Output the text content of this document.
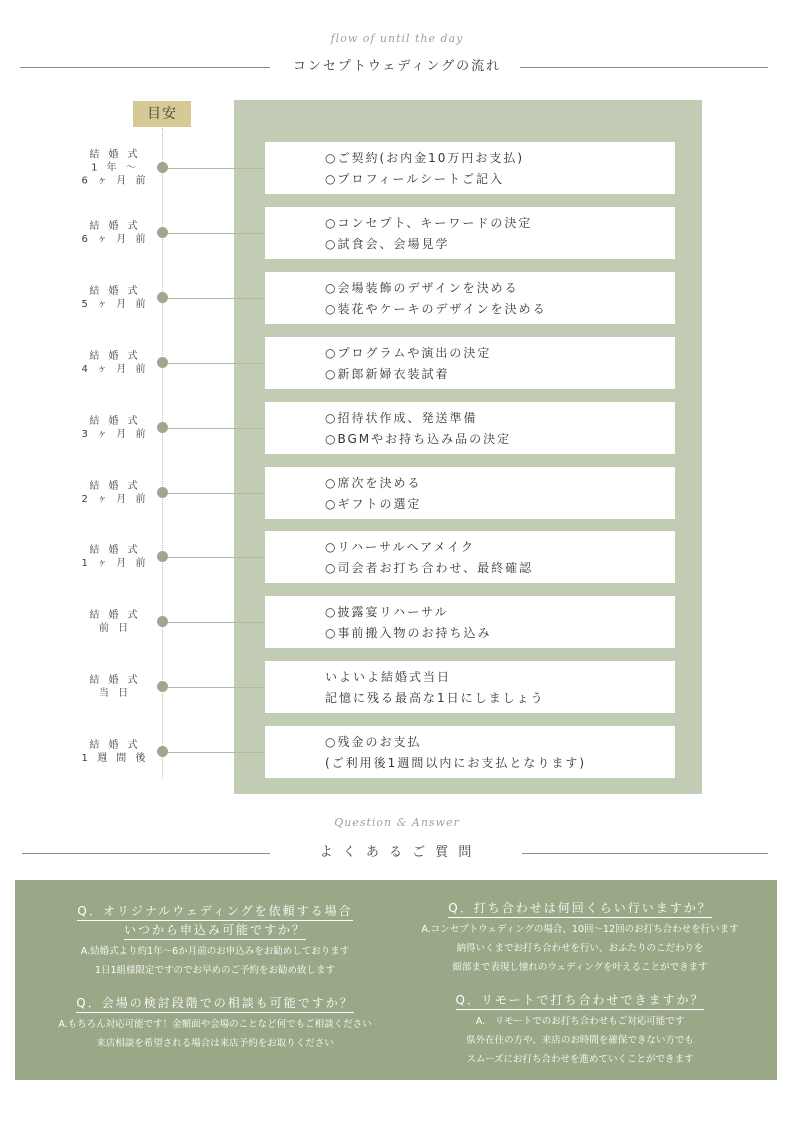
flow of until the day
コンセプトウェディングの流れ
目安
結 婚 式
1 年 ～
6 ヶ 月 前
○ご契約(お内金10万円お支払)
○プロフィールシートご記入
結 婚 式
6 ヶ 月 前
○コンセプト、キーワードの決定
○試食会、会場見学
結 婚 式
5 ヶ 月 前
○会場装飾のデザインを決める
○装花やケーキのデザインを決める
結 婚 式
4 ヶ 月 前
○プログラムや演出の決定
○新郎新婦衣装試着
結 婚 式
3 ヶ 月 前
○招待状作成、発送準備
○BGMやお持ち込み品の決定
結 婚 式
2 ヶ 月 前
○席次を決める
○ギフトの選定
結 婚 式
1 ヶ 月 前
○リハーサルヘアメイク
○司会者お打ち合わせ、最終確認
結 婚 式
前 日
○披露宴リハーサル
○事前搬入物のお持ち込み
結 婚 式
当 日
いよいよ結婚式当日
記憶に残る最高な1日にしましょう
結 婚 式
1 週 間 後
○残金のお支払
(ご利用後1週間以内にお支払となります)
Question & Answer
よ く あ る ご 質 問
Q．オリジナルウェディングを依頼する場合
いつから申込み可能ですか？
A.結婚式より約1年～6か月前のお申込みをお勧めしております
1日1組様限定ですのでお早めのご予約をお勧め致します
Q．会場の検討段階での相談も可能ですか？
A.もちろん対応可能です！金額面や会場のことなど何でもご相談ください
来店相談を希望される場合は来店予約をお取りください
Q．打ち合わせは何回くらい行いますか？
A.コンセプトウェディングの場合、10回～12回のお打ち合わせを行います
納得いくまでお打ち合わせを行い、おふたりのこだわりを
細部まで表現し憧れのウェディングを叶えることができます
Q．リモートで打ち合わせできますか？
A.　リモートでのお打ち合わせもご対応可能です
県外在住の方や、来店のお時間を確保できない方でも
スムーズにお打ち合わせを進めていくことができます
